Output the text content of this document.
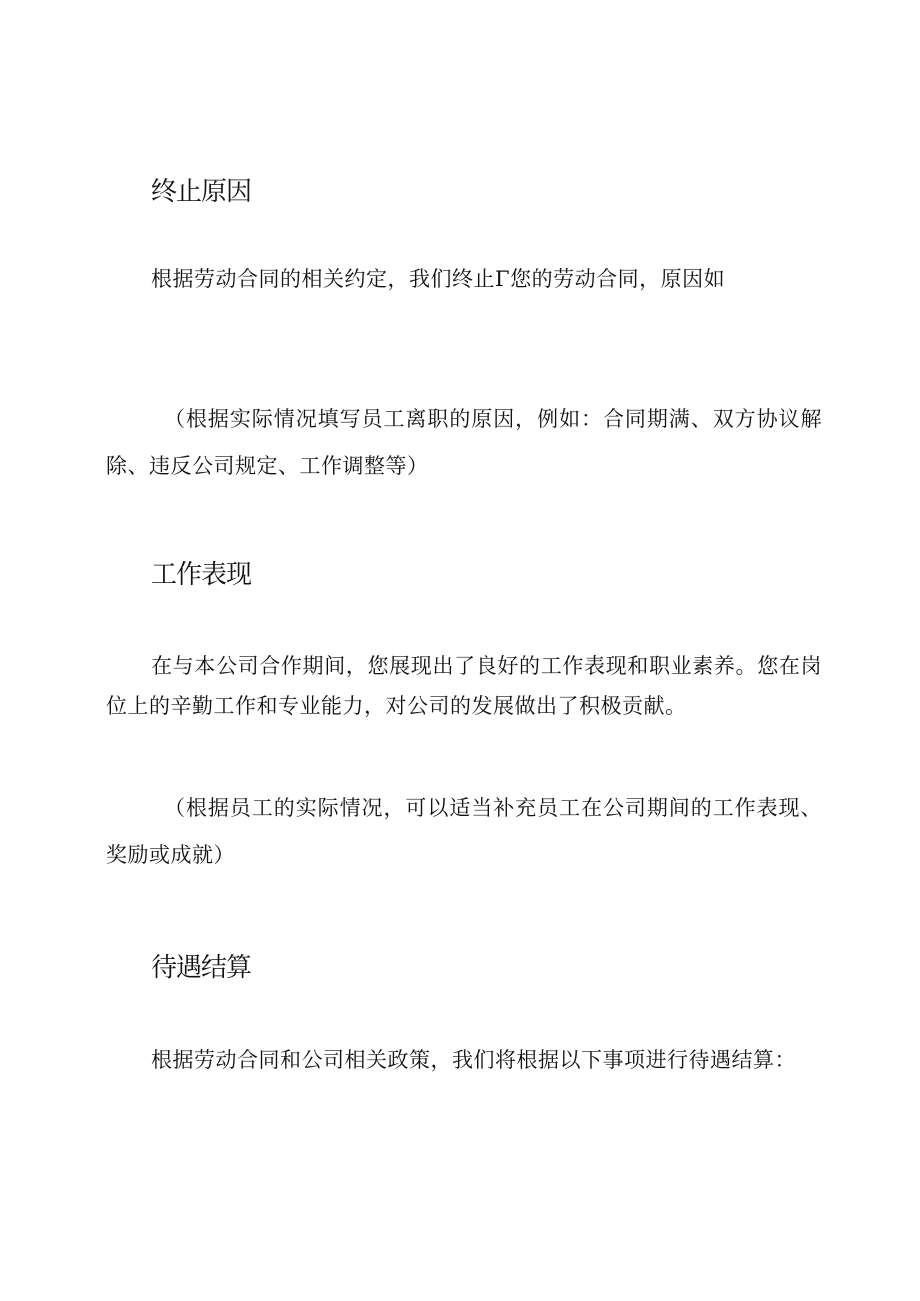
终止原因

根据劳动合同的相关约定，我们终止Γ您的劳动合同，原因如

（根据实际情况填写员工离职的原因，例如：合同期满、双方协议解除、违反公司规定、工作调整等）

工作表现

在与本公司合作期间，您展现出了良好的工作表现和职业素养。您在岗位上的辛勤工作和专业能力，对公司的发展做出了积极贡献。

（根据员工的实际情况，可以适当补充员工在公司期间的工作表现、奖励或成就）

待遇结算

根据劳动合同和公司相关政策，我们将根据以下事项进行待遇结算：
